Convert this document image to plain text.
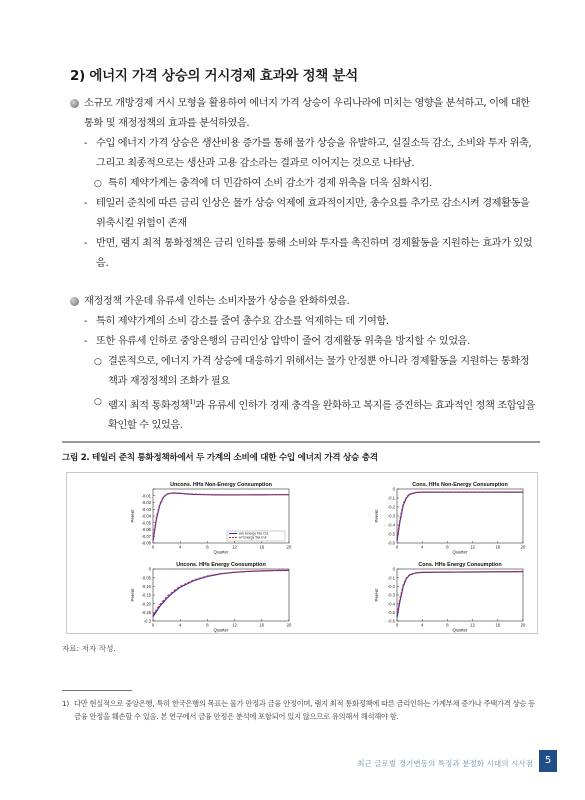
2) 에너지 가격 상승의 거시경제 효과와 정책 분석
소규모 개방경제 거시 모형을 활용하여 에너지 가격 상승이 우리나라에 미치는 영향을 분석하고, 이에 대한 통화 및 재정정책의 효과를 분석하였음.
- 수입 에너지 가격 상승은 생산비용 증가를 통해 물가 상승을 유발하고, 실질소득 감소, 소비와 투자 위축, 그리고 최종적으로는 생산과 고용 감소라는 결과로 이어지는 것으로 나타남.
○ 특히 제약가계는 충격에 더 민감하여 소비 감소가 경제 위축을 더욱 심화시킴.
- 테일러 준칙에 따른 금리 인상은 물가 상승 억제에 효과적이지만, 총수요를 추가로 감소시켜 경제활동을 위축시킬 위험이 존재
- 반면, 램지 최적 통화정책은 금리 인하를 통해 소비와 투자를 촉진하며 경제활동을 지원하는 효과가 있었음.
재정정책 가운데 유류세 인하는 소비자물가 상승을 완화하였음.
- 특히 제약가계의 소비 감소를 줄여 총수요 감소를 억제하는 데 기여함.
- 또한 유류세 인하로 중앙은행의 금리인상 압박이 줄어 경제활동 위축을 방지할 수 있었음.
○ 결론적으로, 에너지 가격 상승에 대응하기 위해서는 물가 안정뿐 아니라 경제활동을 지원하는 통화정책과 재정정책의 조화가 필요
○ 램지 최적 통화정책$^{1)}$과 유류세 인하가 경제 충격을 완화하고 복지를 증진하는 효과적인 정책 조합임을 확인할 수 있었음.
그림 2. 테일러 준칙 통화정책하에서 두 가계의 소비에 대한 수입 에너지 가격 상승 충격
Uncons. HHs Non-Energy Consumption
-0.01
-0.02
-0.03
-0.04
-0.05
-0.06
-0.07
-0.08
0	4	8	12	16	20
Quarter
Perent
w/o Energy Tax Cut
w/ Energy Tax Cut
Cons. HHs Non-Energy Consumption
0
-0.1
-0.2
-0.3
-0.4
-0.5
-0.6
0	4	8	12	16	20
Quarter
Perent
Uncons. HHs Energy Consumption
0
-0.05
-0.10
-0.15
-0.20
-0.25
-0.3
0	4	8	12	16	20
Quarter
Perent
Cons. HHs Energy Consumption
0
-0.1
-0.2
-0.3
-0.4
-0.5
-0.6
0	4	8	12	16	20
Quarter
Perent
자료: 저자 작성.
1) 다만 현실적으로 중앙은행, 특히 한국은행의 목표는 물가 안정과 금융 안정이며, 램지 최적 통화정책에 따른 금리인하는 가계부채 증가나 주택가격 상승 등 금융 안정을 훼손할 수 있음. 본 연구에서 금융 안정은 분석에 포함되어 있지 않으므로 유의해서 해석해야 함.
최근 글로벌 경기변동의 특징과 분절화 시대의 시사점	5
